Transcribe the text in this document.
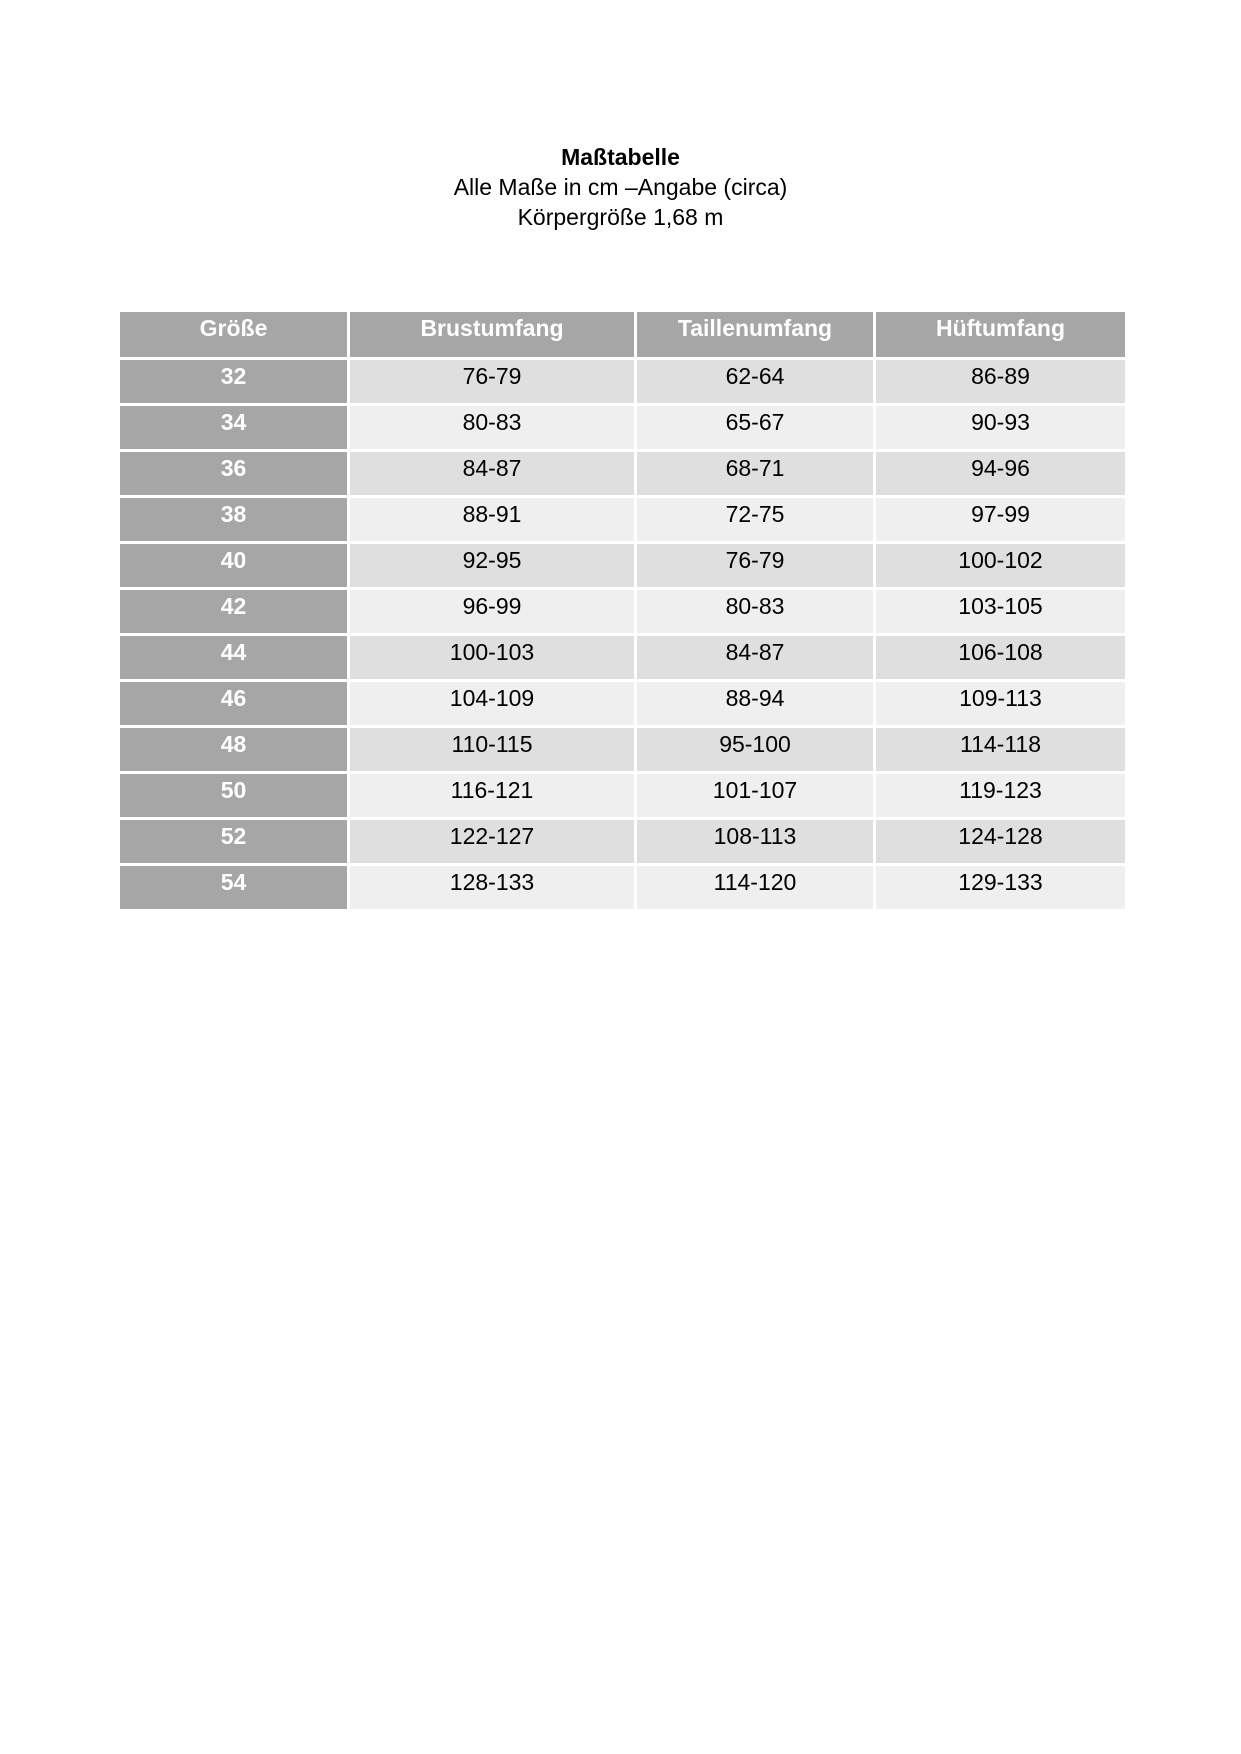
Maßtabelle

Alle Maße in cm –Angabe (circa)

Körpergröße 1,68 m

Größe	Brustumfang	Taillenumfang	Hüftumfang
32	76-79	62-64	86-89
34	80-83	65-67	90-93
36	84-87	68-71	94-96
38	88-91	72-75	97-99
40	92-95	76-79	100-102
42	96-99	80-83	103-105
44	100-103	84-87	106-108
46	104-109	88-94	109-113
48	110-115	95-100	114-118
50	116-121	101-107	119-123
52	122-127	108-113	124-128
54	128-133	114-120	129-133
